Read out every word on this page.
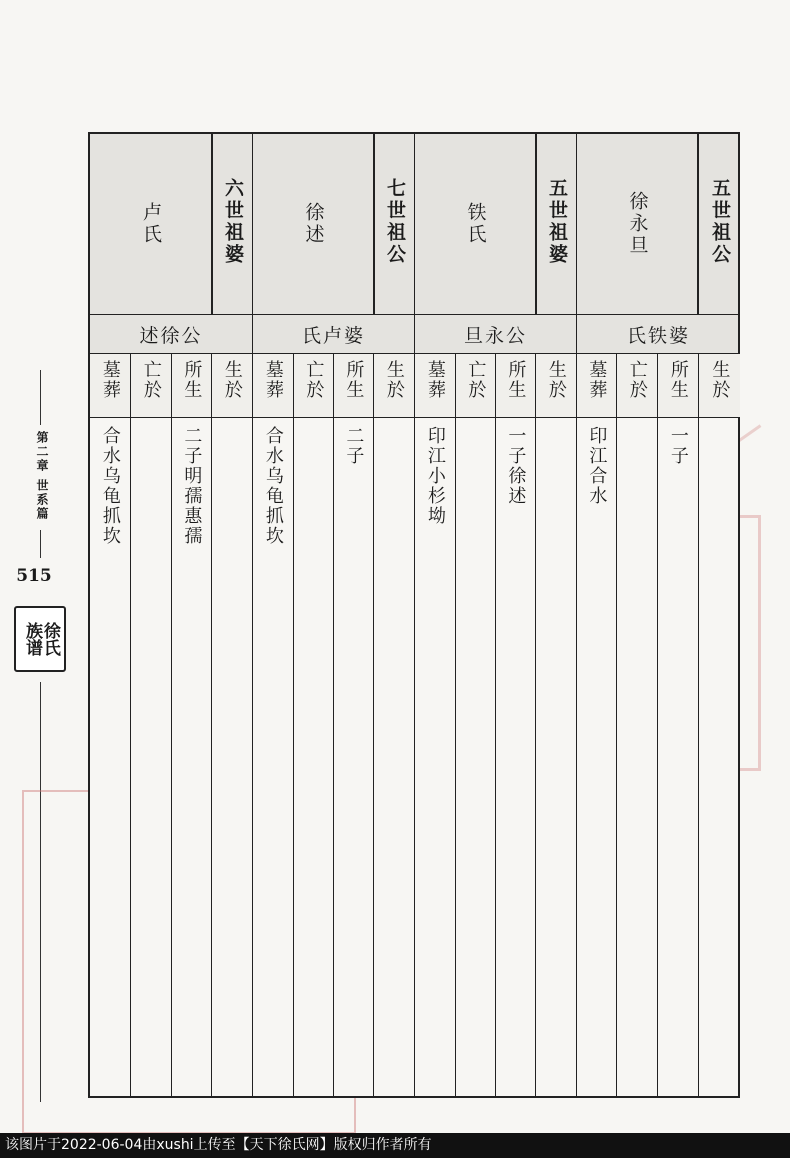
第二章 世系篇
515
徐氏
族谱
五世祖公
徐永旦
五世祖婆
铁氏
七世祖公
徐述
六世祖婆
卢氏
氏铁婆
旦永公
氏卢婆
述徐公
生於
所生
亡於
墓葬
生於
所生
亡於
墓葬
生於
所生
亡於
墓葬
生於
所生
亡於
墓葬
一子
印江合水
一子徐述
印江小杉坳
二子
合水乌龟抓坎
二子明孺惠孺
合水乌龟抓坎
该图片于2022-06-04由xushi上传至【天下徐氏网】版权归作者所有
